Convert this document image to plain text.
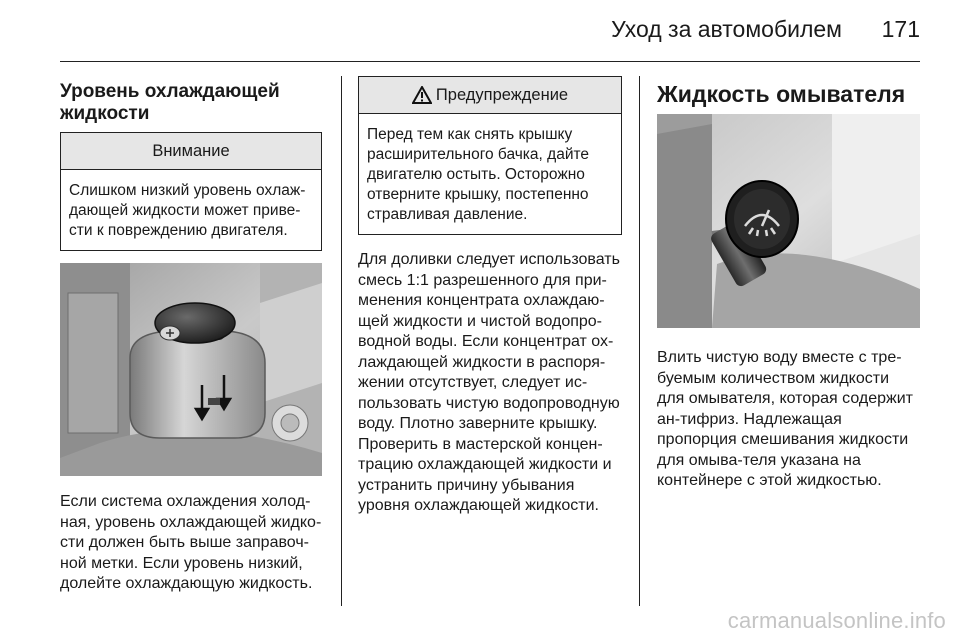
Уход за автомобилем 171
Уровень охлаждающей жидкости
Внимание
Слишком низкий уровень охлаж-дающей жидкости может приве-сти к повреждению двигателя.

Если система охлаждения холод-ная, уровень охлаждающей жидко-сти должен быть выше заправоч-ной метки. Если уровень низкий, долейте охлаждающую жидкость.

Предупреждение
Перед тем как снять крышку расширительного бачка, дайте двигателю остыть. Осторожно отверните крышку, постепенно стравливая давление.

Для доливки следует использовать смесь 1:1 разрешенного для при-менения концентрата охлаждаю-щей жидкости и чистой водопро-водной воды. Если концентрат ох-лаждающей жидкости в распоря-жении отсутствует, следует ис-пользовать чистую водопроводную воду. Плотно заверните крышку. Проверить в мастерской концен-трацию охлаждающей жидкости и устранить причину убывания уровня охлаждающей жидкости.

Жидкость омывателя

Влить чистую воду вместе с тре-буемым количеством жидкости для омывателя, которая содержит ан-тифриз. Надлежащая пропорция смешивания жидкости для омыва-теля указана на контейнере с этой жидкостью.

carmanualsonline.info
